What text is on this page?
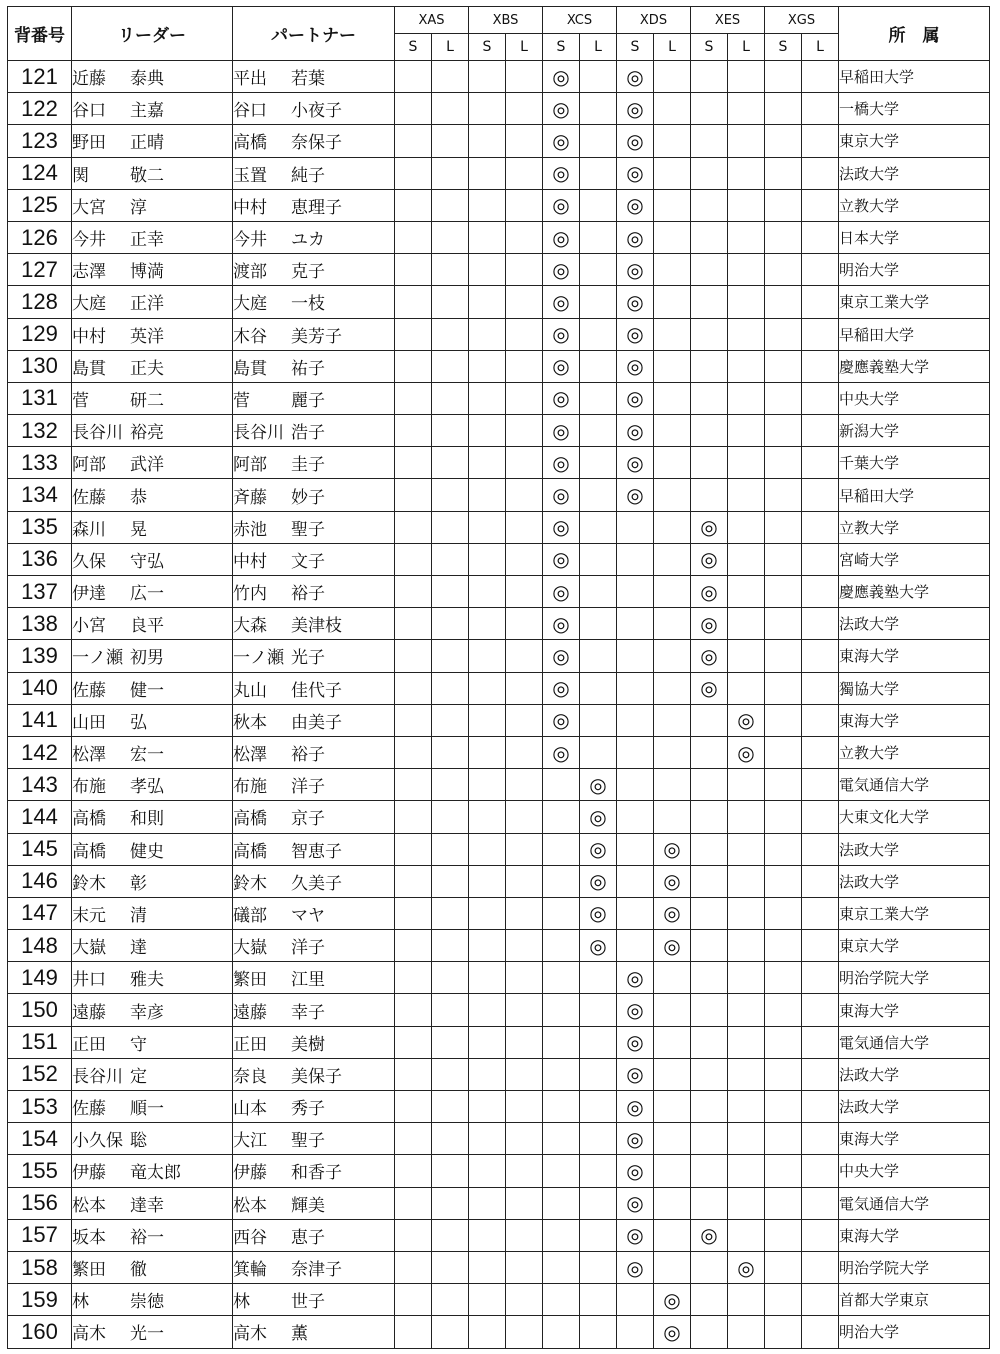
背番号	リーダー	パートナー	XAS		XBS		XCS		XDS		XES		XGS		所　属
			S	L	S	L	S	L	S	L	S	L	S	L	
121	近藤 泰典	平出 若葉					◎		◎						早稲田大学
122	谷口 主嘉	谷口 小夜子					◎		◎						一橋大学
123	野田 正晴	高橋 奈保子					◎		◎						東京大学
124	関 敬二	玉置 純子					◎		◎						法政大学
125	大宮 淳	中村 恵理子					◎		◎						立教大学
126	今井 正幸	今井 ユカ					◎		◎						日本大学
127	志澤 博満	渡部 克子					◎		◎						明治大学
128	大庭 正洋	大庭 一枝					◎		◎						東京工業大学
129	中村 英洋	木谷 美芳子					◎		◎						早稲田大学
130	島貫 正夫	島貫 祐子					◎		◎						慶應義塾大学
131	菅 研二	菅 麗子					◎		◎						中央大学
132	長谷川 裕亮	長谷川 浩子					◎		◎						新潟大学
133	阿部 武洋	阿部 圭子					◎		◎						千葉大学
134	佐藤 恭	斉藤 妙子					◎		◎						早稲田大学
135	森川 晃	赤池 聖子					◎				◎				立教大学
136	久保 守弘	中村 文子					◎				◎				宮崎大学
137	伊達 広一	竹内 裕子					◎				◎				慶應義塾大学
138	小宮 良平	大森 美津枝					◎				◎				法政大学
139	一ノ瀬 初男	一ノ瀬 光子					◎				◎				東海大学
140	佐藤 健一	丸山 佳代子					◎				◎				獨協大学
141	山田 弘	秋本 由美子					◎					◎			東海大学
142	松澤 宏一	松澤 裕子					◎					◎			立教大学
143	布施 孝弘	布施 洋子						◎							電気通信大学
144	高橋 和則	高橋 京子						◎							大東文化大学
145	高橋 健史	高橋 智恵子						◎		◎					法政大学
146	鈴木 彰	鈴木 久美子						◎		◎					法政大学
147	末元 清	礒部 マヤ						◎		◎					東京工業大学
148	大嶽 達	大嶽 洋子						◎		◎					東京大学
149	井口 雅夫	繁田 江里							◎						明治学院大学
150	遠藤 幸彦	遠藤 幸子							◎						東海大学
151	正田 守	正田 美樹							◎						電気通信大学
152	長谷川 定	奈良 美保子							◎						法政大学
153	佐藤 順一	山本 秀子							◎						法政大学
154	小久保 聡	大江 聖子							◎						東海大学
155	伊藤 竜太郎	伊藤 和香子							◎						中央大学
156	松本 達幸	松本 輝美							◎						電気通信大学
157	坂本 裕一	西谷 恵子							◎		◎				東海大学
158	繁田 徹	箕輪 奈津子							◎			◎			明治学院大学
159	林 崇徳	林 世子								◎					首都大学東京
160	高木 光一	高木 薫								◎					明治大学
